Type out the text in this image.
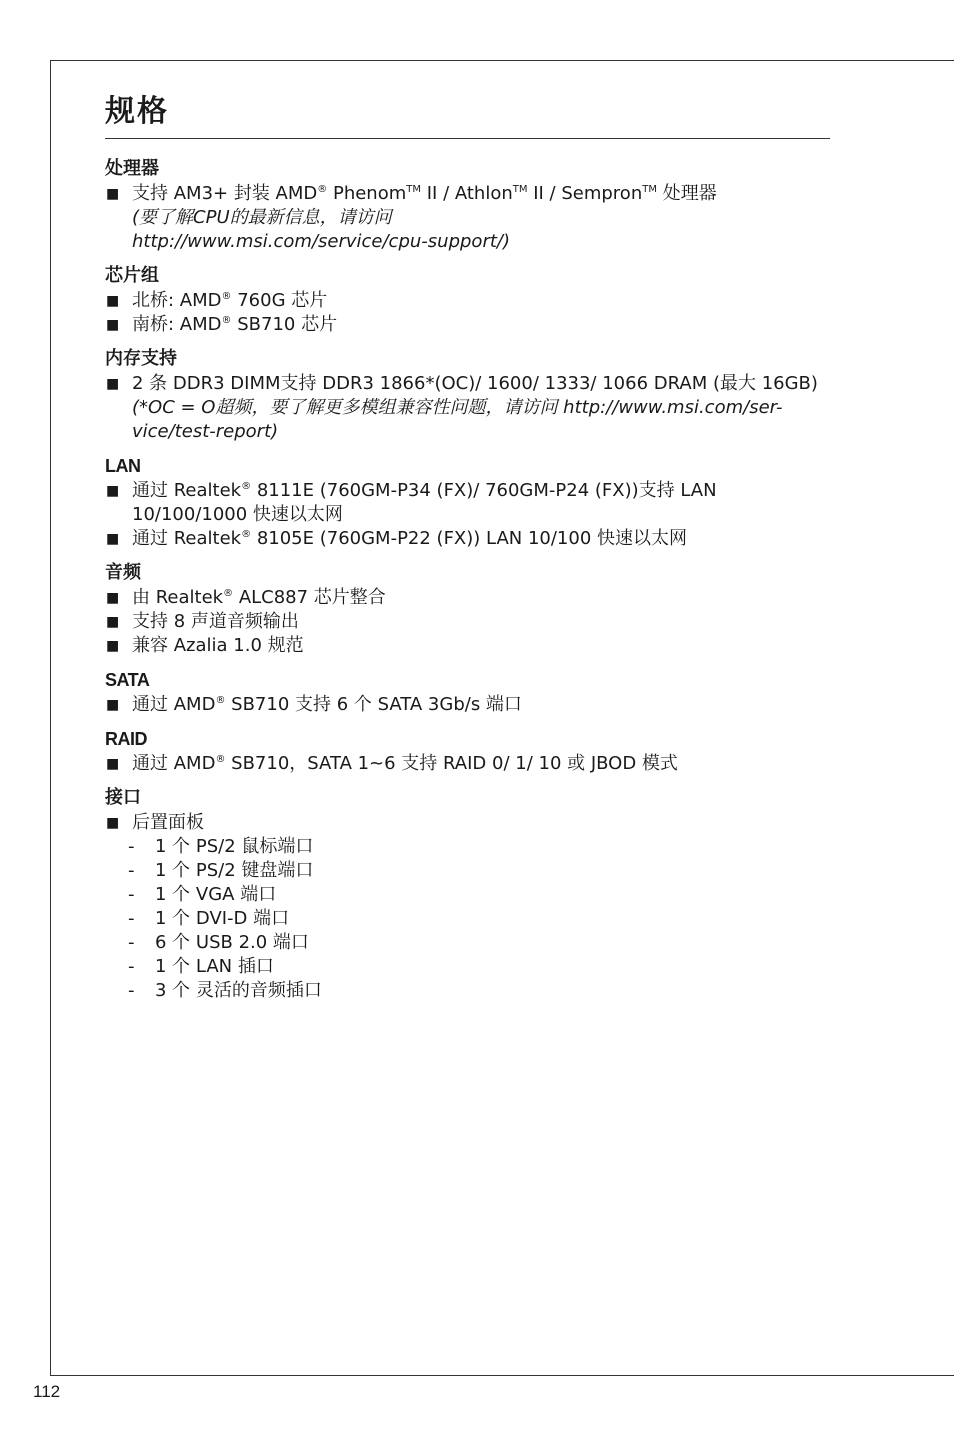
规格
处理器
■ 支持 AM3+ 封装 AMD® Phenom™ II / Athlon™ II / Sempron™ 处理器
(要了解CPU的最新信息，请访问
http://www.msi.com/service/cpu-support/)
芯片组
■ 北桥: AMD® 760G 芯片
■ 南桥: AMD® SB710 芯片
内存支持
■ 2 条 DDR3 DIMM支持 DDR3 1866*(OC)/ 1600/ 1333/ 1066 DRAM (最大 16GB)
(*OC = O超频，要了解更多模组兼容性问题，请访问 http://www.msi.com/ser- vice/test-report)
LAN
■ 通过 Realtek® 8111E (760GM-P34 (FX)/ 760GM-P24 (FX))支持 LAN 10/100/1000 快速以太网
■ 通过 Realtek® 8105E (760GM-P22 (FX)) LAN 10/100 快速以太网
音频
■ 由 Realtek® ALC887 芯片整合
■ 支持 8 声道音频输出
■ 兼容 Azalia 1.0 规范
SATA
■ 通过 AMD® SB710 支持 6 个 SATA 3Gb/s 端口
RAID
■ 通过 AMD® SB710，SATA 1~6 支持 RAID 0/ 1/ 10 或 JBOD 模式
接口
■ 后置面板
- 1 个 PS/2 鼠标端口
- 1 个 PS/2 键盘端口
- 1 个 VGA 端口
- 1 个 DVI-D 端口
- 6 个 USB 2.0 端口
- 1 个 LAN 插口
- 3 个 灵活的音频插口
112
